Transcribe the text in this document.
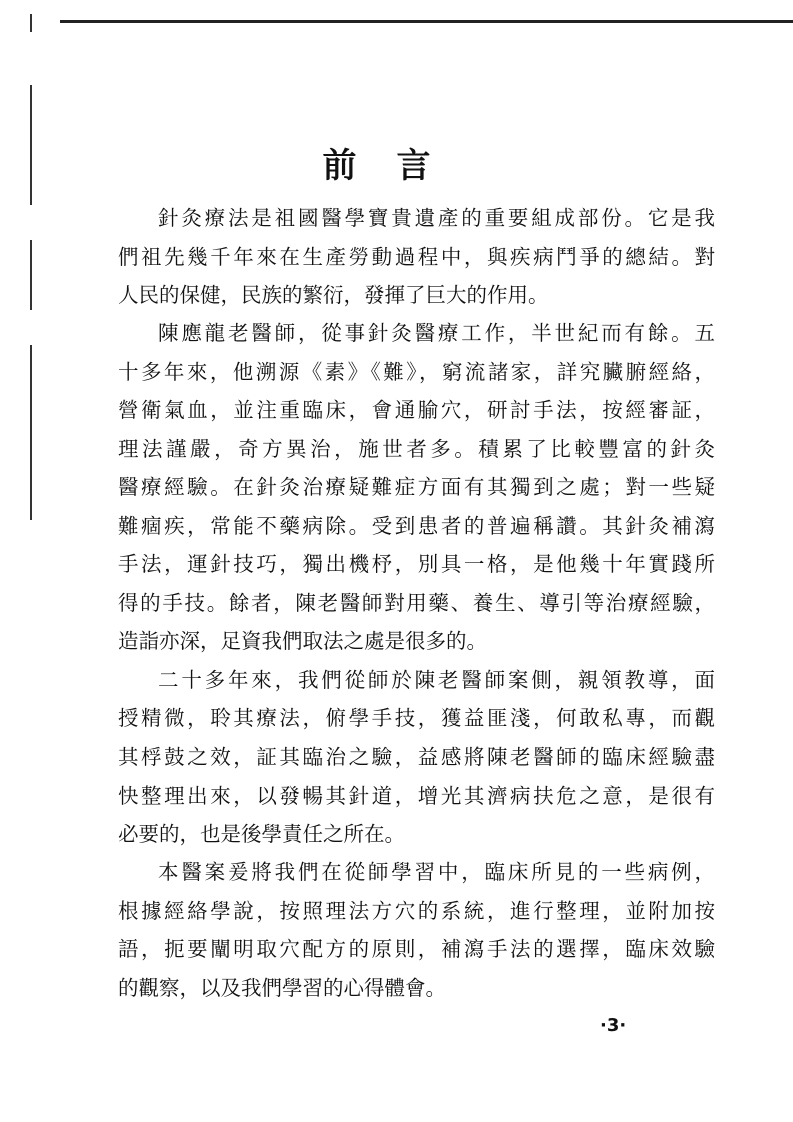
前言
針灸療法是祖國醫學寶貴遺產的重要組成部份。它是我
們祖先幾千年來在生產勞動過程中，與疾病鬥爭的總結。對
人民的保健，民族的繁衍，發揮了巨大的作用。
陳應龍老醫師，從事針灸醫療工作，半世紀而有餘。五
十多年來，他溯源《素》《難》，窮流諸家，詳究臟腑經絡，
營衛氣血，並注重臨床，會通腧穴，研討手法，按經審証，
理法謹嚴，奇方異治，施世者多。積累了比較豐富的針灸
醫療經驗。在針灸治療疑難症方面有其獨到之處；對一些疑
難痼疾，常能不藥病除。受到患者的普遍稱讚。其針灸補瀉
手法，運針技巧，獨出機杼，別具一格，是他幾十年實踐所
得的手技。餘者，陳老醫師對用藥、養生、導引等治療經驗，
造詣亦深，足資我們取法之處是很多的。
二十多年來，我們從師於陳老醫師案側，親領教導，面
授精微，聆其療法，俯學手技，獲益匪淺，何敢私專，而觀
其桴鼓之效，証其臨治之驗，益感將陳老醫師的臨床經驗盡
快整理出來，以發暢其針道，增光其濟病扶危之意，是很有
必要的，也是後學責任之所在。
本醫案爰將我們在從師學習中，臨床所見的一些病例，
根據經絡學說，按照理法方穴的系統，進行整理，並附加按
語，扼要闡明取穴配方的原則，補瀉手法的選擇，臨床效驗
的觀察，以及我們學習的心得體會。
·3·
